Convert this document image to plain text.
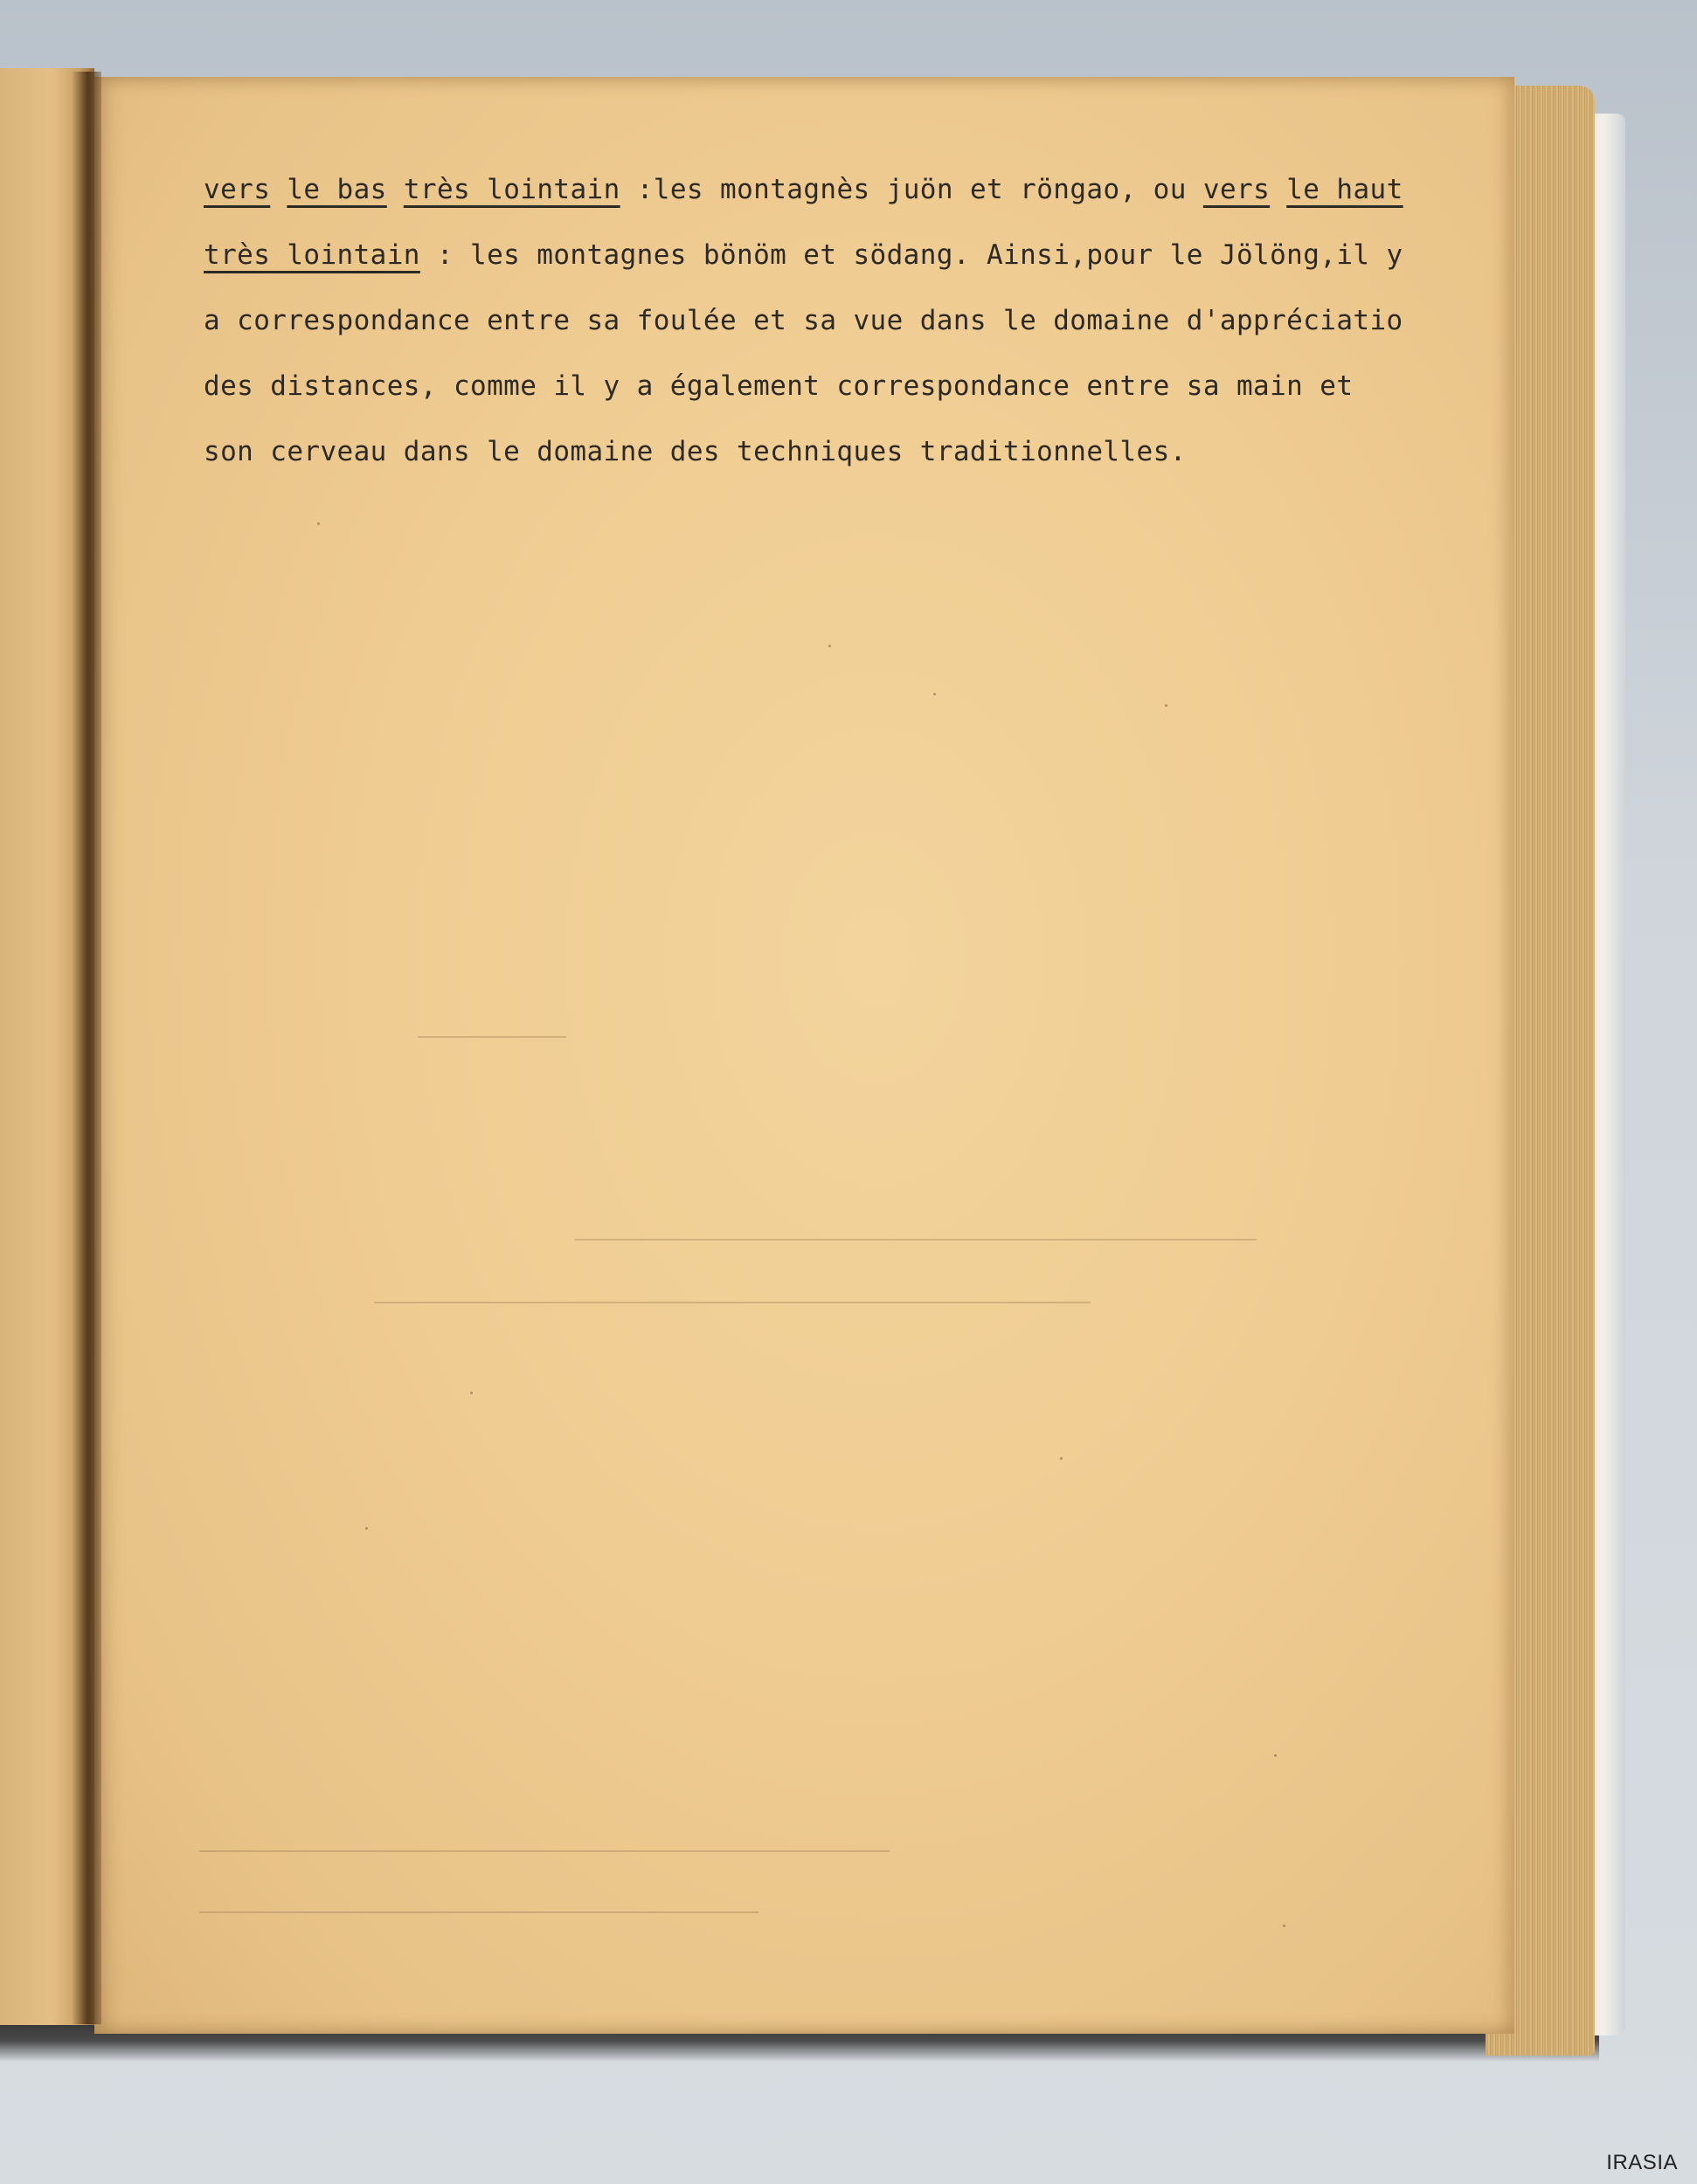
vers le bas très lointain :les montagnès juön et röngao, ou vers le haut
très lointain : les montagnes bönöm et södang. Ainsi,pour le Jölöng,il y
a correspondance entre sa foulée et sa vue dans le domaine d'appréciatio
des distances, comme il y a également correspondance entre sa main et
son cerveau dans le domaine des techniques traditionnelles.
IRASIA
